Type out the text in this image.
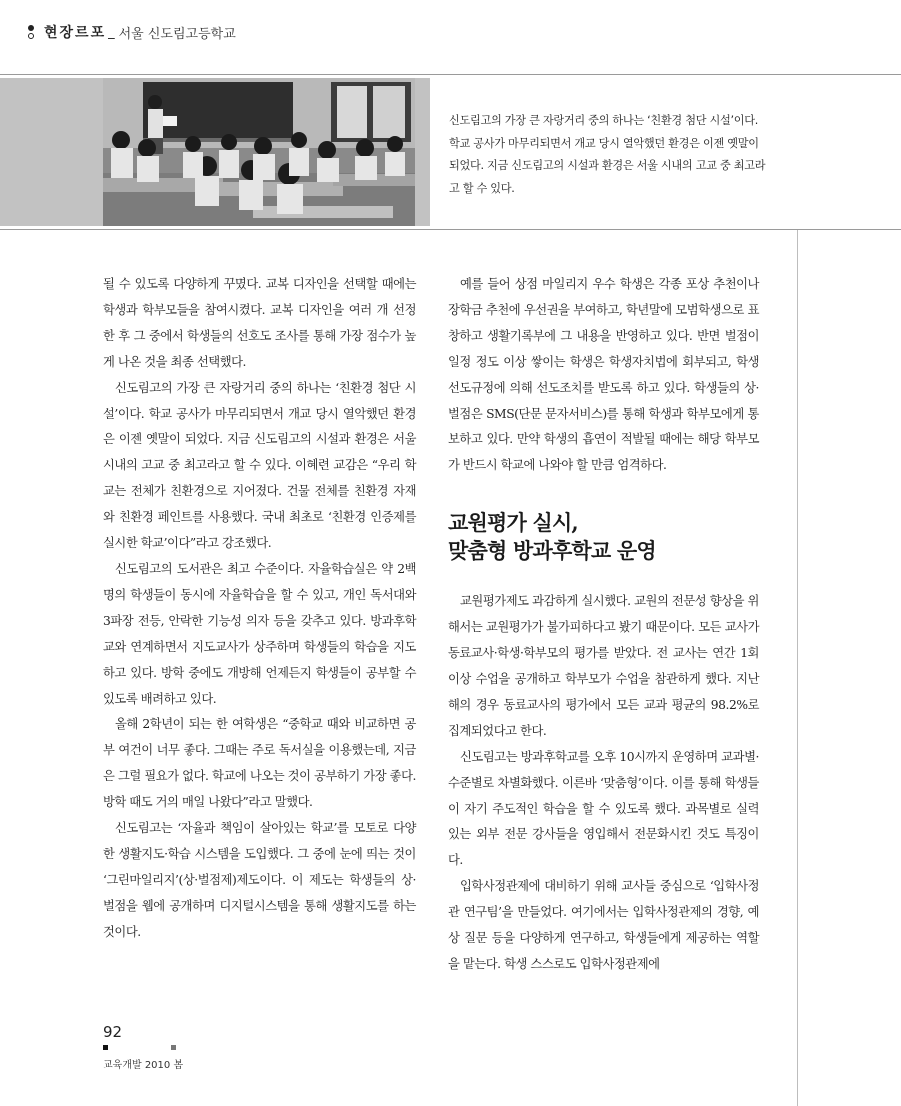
현장르포 _ 서울 신도림고등학교

신도림고의 가장 큰 자랑거리 중의 하나는 ‘친환경 첨단 시설’이다. 학교 공사가 마무리되면서 개교 당시 열악했던 환경은 이젠 옛말이 되었다. 지금 신도림고의 시설과 환경은 서울 시내의 고교 중 최고라고 할 수 있다.

될 수 있도록 다양하게 꾸몄다. 교복 디자인을 선택할 때에는 학생과 학부모들을 참여시켰다. 교복 디자인을 여러 개 선정한 후 그 중에서 학생들의 선호도 조사를 통해 가장 점수가 높게 나온 것을 최종 선택했다.

신도림고의 가장 큰 자랑거리 중의 하나는 ‘친환경 첨단 시설’이다. 학교 공사가 마무리되면서 개교 당시 열악했던 환경은 이젠 옛말이 되었다. 지금 신도림고의 시설과 환경은 서울 시내의 고교 중 최고라고 할 수 있다. 이혜련 교감은 “우리 학교는 전체가 친환경으로 지어졌다. 건물 전체를 친환경 자재와 친환경 페인트를 사용했다. 국내 최초로 ‘친환경 인증제를 실시한 학교’이다”라고 강조했다.

신도림고의 도서관은 최고 수준이다. 자율학습실은 약 2백명의 학생들이 동시에 자율학습을 할 수 있고, 개인 독서대와 3파장 전등, 안락한 기능성 의자 등을 갖추고 있다. 방과후학교와 연계하면서 지도교사가 상주하며 학생들의 학습을 지도하고 있다. 방학 중에도 개방해 언제든지 학생들이 공부할 수 있도록 배려하고 있다.

올해 2학년이 되는 한 여학생은 “중학교 때와 비교하면 공부 여건이 너무 좋다. 그때는 주로 독서실을 이용했는데, 지금은 그럴 필요가 없다. 학교에 나오는 것이 공부하기 가장 좋다. 방학 때도 거의 매일 나왔다”라고 말했다.

신도림고는 ‘자율과 책임이 살아있는 학교’를 모토로 다양한 생활지도·학습 시스템을 도입했다. 그 중에 눈에 띄는 것이 ‘그린마일리지’(상·벌점제)제도이다. 이 제도는 학생들의 상·벌점을 웹에 공개하며 디지털시스템을 통해 생활지도를 하는 것이다.

예를 들어 상점 마일리지 우수 학생은 각종 포상 추천이나 장학금 추천에 우선권을 부여하고, 학년말에 모범학생으로 표창하고 생활기록부에 그 내용을 반영하고 있다. 반면 벌점이 일정 정도 이상 쌓이는 학생은 학생자치법에 회부되고, 학생 선도규정에 의해 선도조치를 받도록 하고 있다. 학생들의 상·벌점은 SMS(단문 문자서비스)를 통해 학생과 학부모에게 통보하고 있다. 만약 학생의 흡연이 적발될 때에는 해당 학부모가 반드시 학교에 나와야 할 만큼 엄격하다.

교원평가 실시,
맞춤형 방과후학교 운영

교원평가제도 과감하게 실시했다. 교원의 전문성 향상을 위해서는 교원평가가 불가피하다고 봤기 때문이다. 모든 교사가 동료교사·학생·학부모의 평가를 받았다. 전 교사는 연간 1회 이상 수업을 공개하고 학부모가 수업을 참관하게 했다. 지난해의 경우 동료교사의 평가에서 모든 교과 평균의 98.2%로 집계되었다고 한다.

신도림고는 방과후학교를 오후 10시까지 운영하며 교과별·수준별로 차별화했다. 이른바 ‘맞춤형’이다. 이를 통해 학생들이 자기 주도적인 학습을 할 수 있도록 했다. 과목별로 실력 있는 외부 전문 강사들을 영입해서 전문화시킨 것도 특징이다.

입학사정관제에 대비하기 위해 교사들 중심으로 ‘입학사정관 연구팀’을 만들었다. 여기에서는 입학사정관제의 경향, 예상 질문 등을 다양하게 연구하고, 학생들에게 제공하는 역할을 맡는다. 학생 스스로도 입학사정관제에

92
교육개발 2010 봄
